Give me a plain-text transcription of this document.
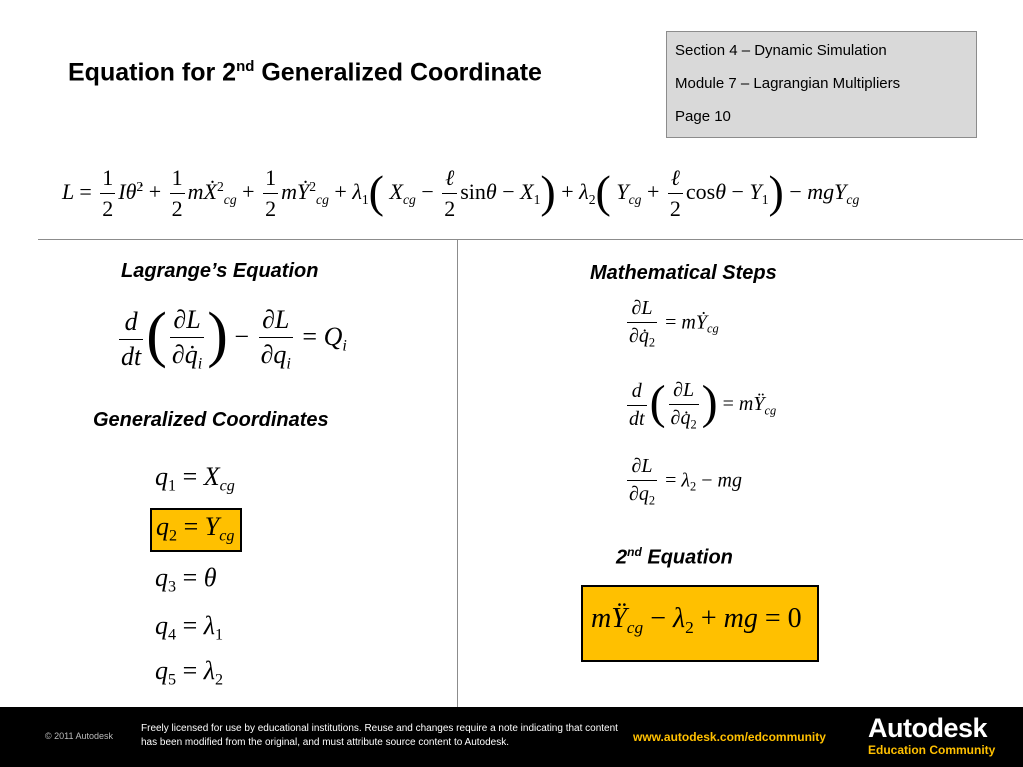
Equation for 2nd Generalized Coordinate
Section 4 – Dynamic Simulation
Module 7 – Lagrangian Multipliers
Page 10
$L = \frac{1}{2}$ Iθ̇$^2$ + $\frac{1}{2}$ mẊ$^2_{cg}$ + $\frac{1}{2}$ mẎ$^2_{cg}$ + $\lambda_1$( $X_{cg} - \frac{\text{ℓ}}{2}$ $\sin\theta - X_1) + \lambda_2$( $Y_{cg} + \frac{\text{ℓ}}{2}$ $\cos\theta - Y_1) - mgY_{cg}$
Lagrange’s Equation
$\frac{d}{dt}$ ( $\frac{\partial L}{\partial q̇_i}$ ) − $\frac{\partial L}{\partial q_i} = Q_i$
Generalized Coordinates
$q_1 = X_{cg}$
$q_2 = Y_{cg}$
$q_3 = \theta$
$q_4 = \lambda_1$
$q_5 = \lambda_2$
Mathematical Steps
$\frac{\partial L}{\partial q̇_2}$ = $mẎ_{cg}$
$\frac{d}{dt}$ ( $\frac{\partial L}{\partial q̇_2}$ ) = $mŸ_{cg}$
$\frac{\partial L}{\partial q_2} = \lambda_2$ − mg
2nd Equation
$mŸ_{cg} - \lambda_2$ + mg = 0
© 2011 Autodesk
Freely licensed for use by educational institutions. Reuse and changes require a note indicating that content has been modified from the original, and must attribute source content to Autodesk.	www.autodesk.com/edcommunity Autodesk
Education Community
